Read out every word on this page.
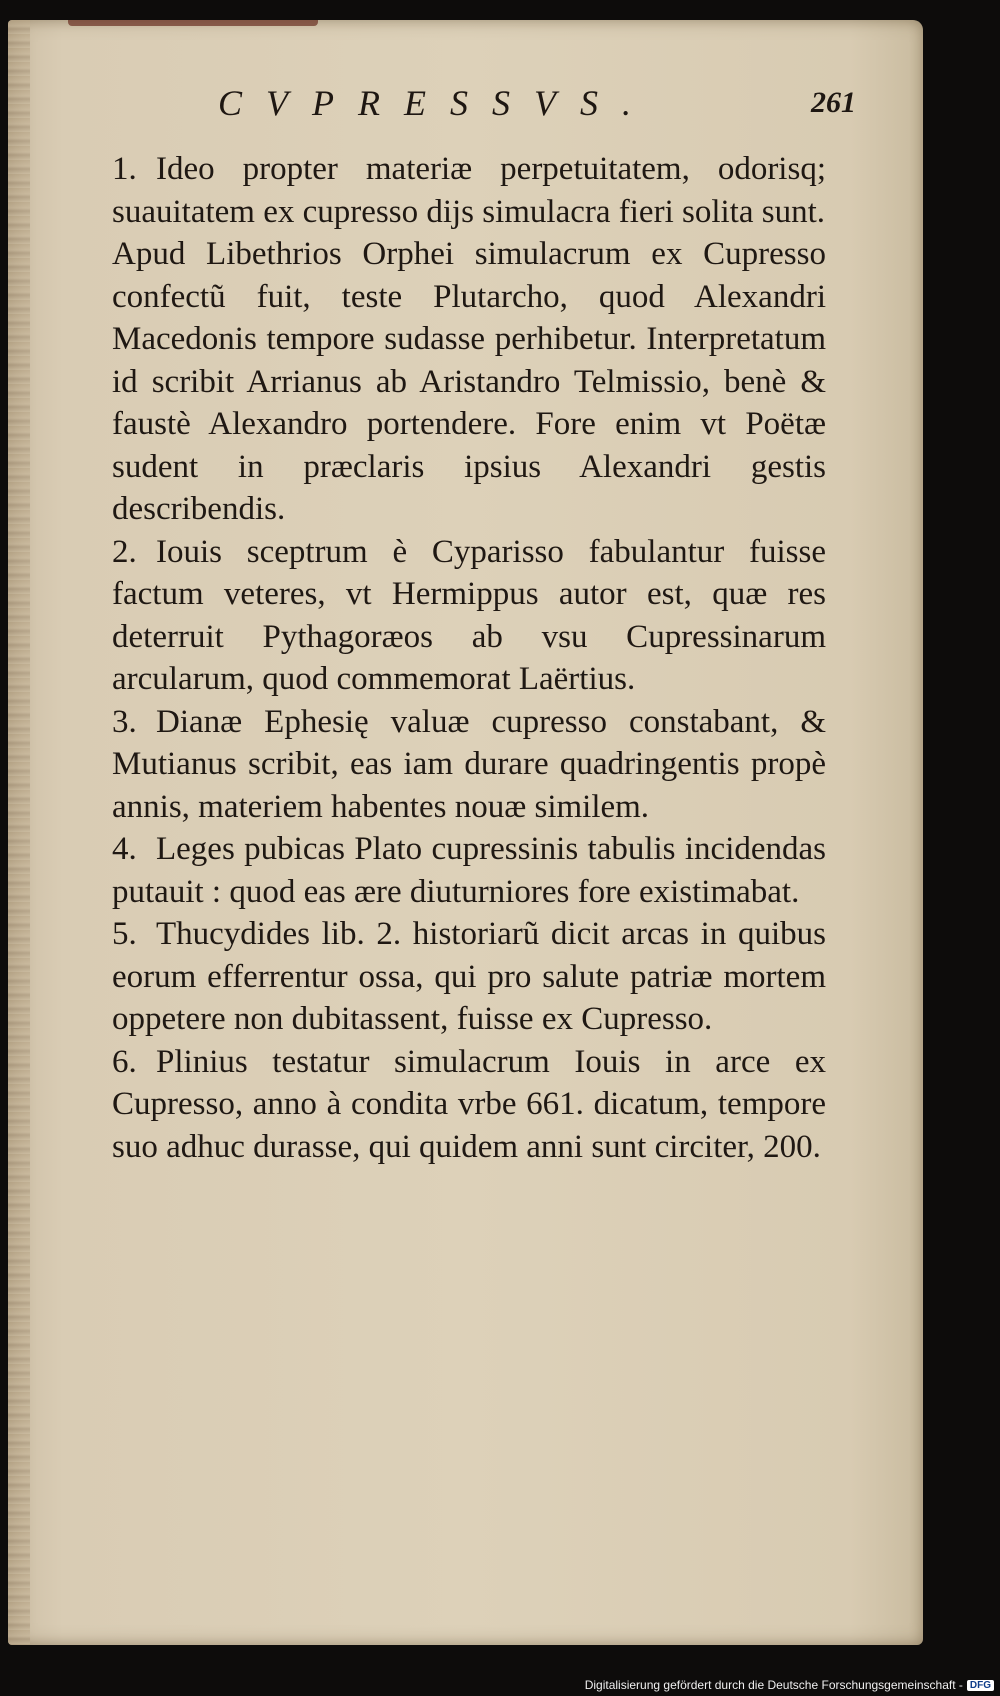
CVPRESSVS.	261

1. Ideo propter materiæ perpetuitatem, odorisq; suauitatem ex cupresso dijs simulacra fieri solita sunt.

Apud Libethrios Orphei simulacrum ex Cupresso confectũ fuit, teste Plutarcho, quod Alexandri Macedonis tempore sudasse perhibetur. Interpretatum id scribit Arrianus ab Aristandro Telmissio, benè & faustè Alexandro portendere. Fore enim vt Poëtæ sudent in præclaris ipsius Alexandri gestis describendis.

2. Iouis sceptrum è Cyparisso fabulantur fuisse factum veteres, vt Hermippus autor est, quæ res deterruit Pythagoræos ab vsu Cupressinarum arcularum, quod commemorat Laërtius.

3. Dianæ Ephesię valuæ cupresso constabant, & Mutianus scribit, eas iam durare quadringentis propè annis, materiem habentes nouæ similem.

4. Leges pubicas Plato cupressinis tabulis incidendas putauit : quod eas ære diuturniores fore existimabat.

5. Thucydides lib. 2. historiarũ dicit arcas in quibus eorum efferrentur ossa, qui pro salute patriæ mortem oppetere non dubitassent, fuisse ex Cupresso.

6. Plinius testatur simulacrum Iouis in arce ex Cupresso, anno à condita vrbe 661. dicatum, tempore suo adhuc durasse, qui quidem anni sunt circiter, 200.

Digitalisierung gefördert durch die Deutsche Forschungsgemeinschaft - DFG
